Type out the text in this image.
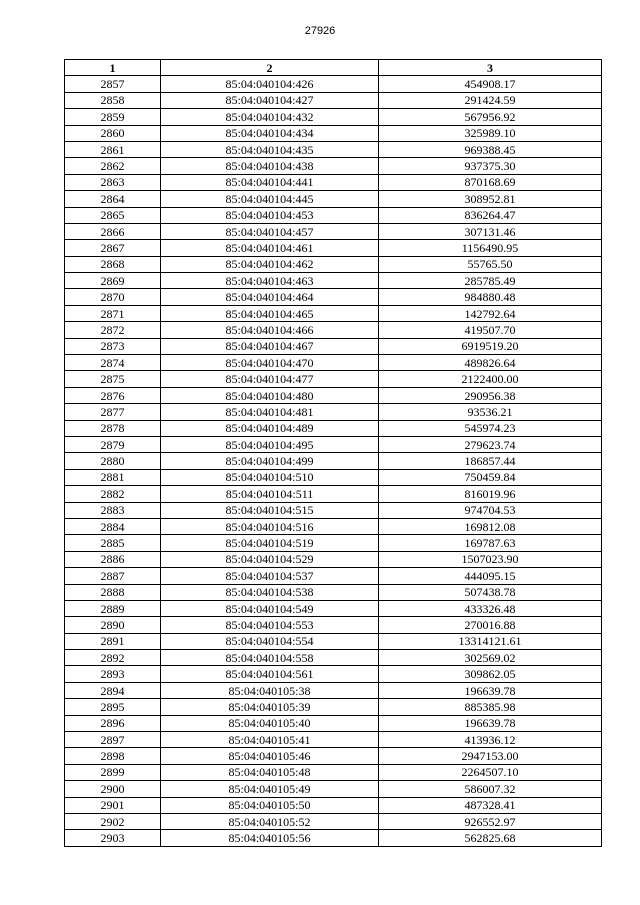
27926
1	2	3
2857	85:04:040104:426	454908.17
2858	85:04:040104:427	291424.59
2859	85:04:040104:432	567956.92
2860	85:04:040104:434	325989.10
2861	85:04:040104:435	969388.45
2862	85:04:040104:438	937375.30
2863	85:04:040104:441	870168.69
2864	85:04:040104:445	308952.81
2865	85:04:040104:453	836264.47
2866	85:04:040104:457	307131.46
2867	85:04:040104:461	1156490.95
2868	85:04:040104:462	55765.50
2869	85:04:040104:463	285785.49
2870	85:04:040104:464	984880.48
2871	85:04:040104:465	142792.64
2872	85:04:040104:466	419507.70
2873	85:04:040104:467	6919519.20
2874	85:04:040104:470	489826.64
2875	85:04:040104:477	2122400.00
2876	85:04:040104:480	290956.38
2877	85:04:040104:481	93536.21
2878	85:04:040104:489	545974.23
2879	85:04:040104:495	279623.74
2880	85:04:040104:499	186857.44
2881	85:04:040104:510	750459.84
2882	85:04:040104:511	816019.96
2883	85:04:040104:515	974704.53
2884	85:04:040104:516	169812.08
2885	85:04:040104:519	169787.63
2886	85:04:040104:529	1507023.90
2887	85:04:040104:537	444095.15
2888	85:04:040104:538	507438.78
2889	85:04:040104:549	433326.48
2890	85:04:040104:553	270016.88
2891	85:04:040104:554	13314121.61
2892	85:04:040104:558	302569.02
2893	85:04:040104:561	309862.05
2894	85:04:040105:38	196639.78
2895	85:04:040105:39	885385.98
2896	85:04:040105:40	196639.78
2897	85:04:040105:41	413936.12
2898	85:04:040105:46	2947153.00
2899	85:04:040105:48	2264507.10
2900	85:04:040105:49	586007.32
2901	85:04:040105:50	487328.41
2902	85:04:040105:52	926552.97
2903	85:04:040105:56	562825.68
